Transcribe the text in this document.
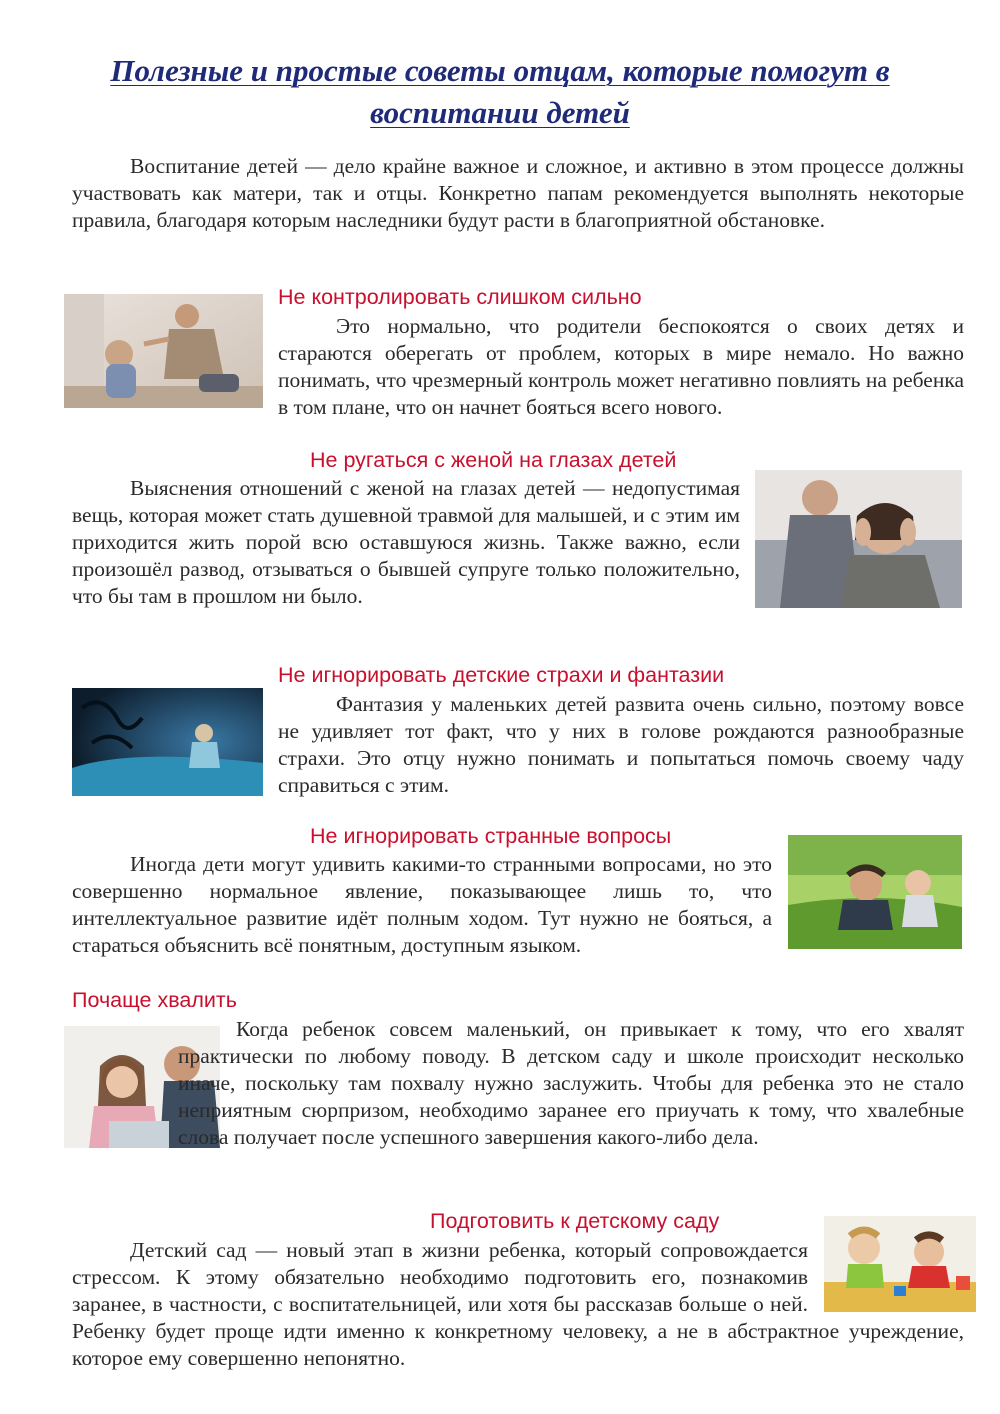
Полезные и простые советы отцам, которые помогут в воспитании детей

Воспитание детей — дело крайне важное и сложное, и активно в этом процессе должны участвовать как матери, так и отцы. Конкретно папам рекомендуется выполнять некоторые правила, благодаря которым наследники будут расти в благоприятной обстановке.

Не контролировать слишком сильно

Это нормально, что родители беспокоятся о своих детях и стараются оберегать от проблем, которых в мире немало. Но важно понимать, что чрезмерный контроль может негативно повлиять на ребенка в том плане, что он начнет бояться всего нового.

Не ругаться с женой на глазах детей

Выяснения отношений с женой на глазах детей — недопустимая вещь, которая может стать душевной травмой для малышей, и с этим им приходится жить порой всю оставшуюся жизнь. Также важно, если произошёл развод, отзываться о бывшей супруге только положительно, что бы там в прошлом ни было.

Не игнорировать детские страхи и фантазии

Фантазия у маленьких детей развита очень сильно, поэтому вовсе не удивляет тот факт, что у них в голове рождаются разнообразные страхи. Это отцу нужно понимать и попытаться помочь своему чаду справиться с этим.

Не игнорировать странные вопросы

Иногда дети могут удивить какими-то странными вопросами, но это совершенно нормальное явление, показывающее лишь то, что интеллектуальное развитие идёт полным ходом. Тут нужно не бояться, а стараться объяснить всё понятным, доступным языком.

Почаще хвалить

Когда ребенок совсем маленький, он привыкает к тому, что его хвалят практически по любому поводу. В детском саду и школе происходит несколько иначе, поскольку там похвалу нужно заслужить. Чтобы для ребенка это не стало неприятным сюрпризом, необходимо заранее его приучать к тому, что хвалебные слова получает после успешного завершения какого-либо дела.

Подготовить к детскому саду

Детский сад — новый этап в жизни ребенка, который сопровождается стрессом. К этому обязательно необходимо подготовить его, познакомив заранее, в частности, с воспитательницей, или хотя бы рассказав больше о ней. Ребенку будет проще идти именно к конкретному человеку, а не в абстрактное учреждение, которое ему совершенно непонятно.
